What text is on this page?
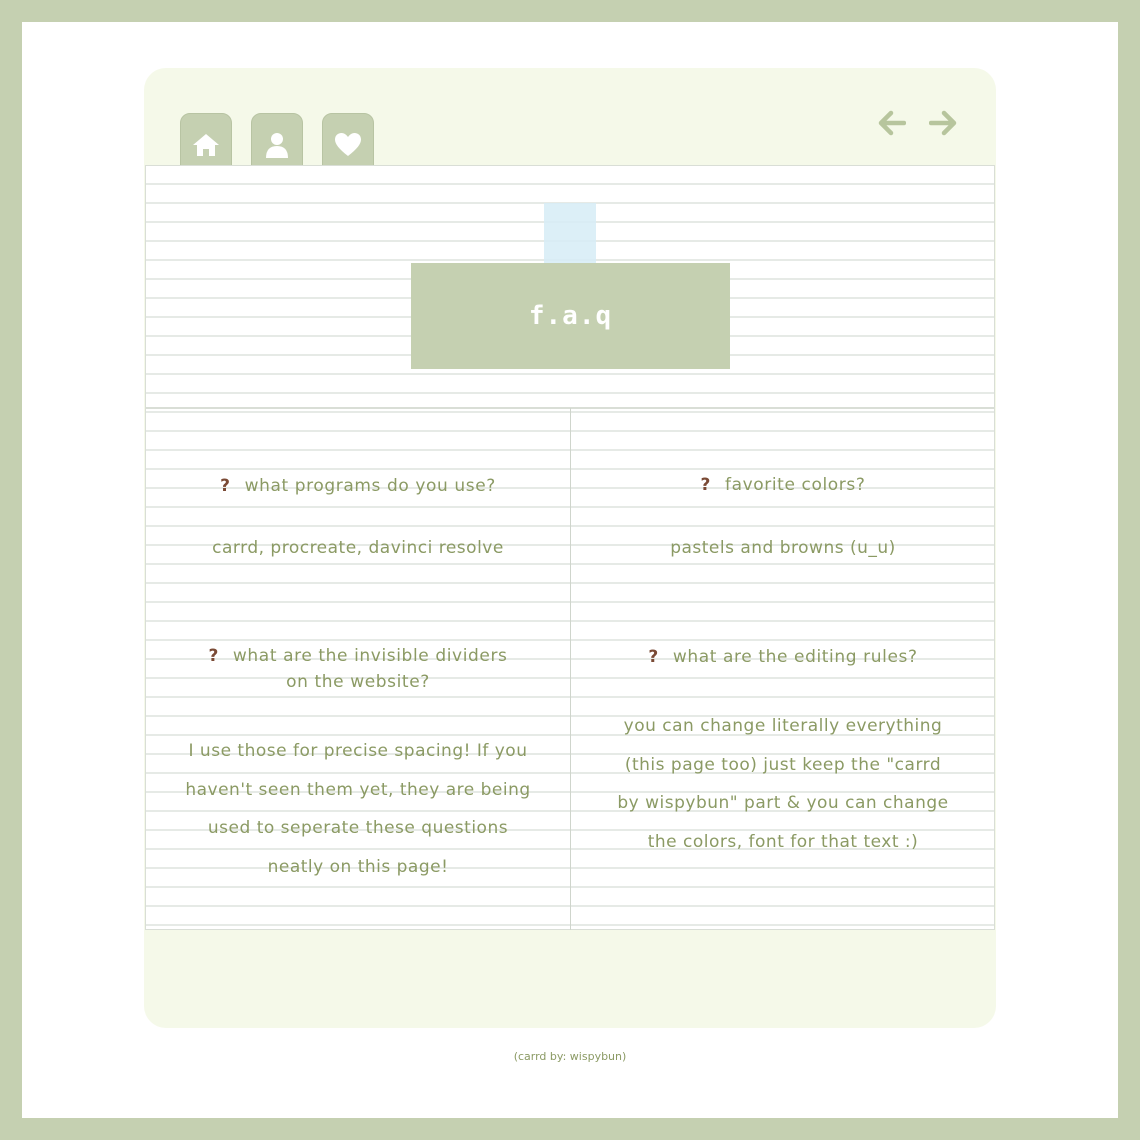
f.a.q
? what programs do you use?
carrd, procreate, davinci resolve
? favorite colors?
pastels and browns (u_u)
? what are the invisible dividers
on the website?
I use those for precise spacing! If you
haven't seen them yet, they are being
used to seperate these questions
neatly on this page!
? what are the editing rules?
you can change literally everything
(this page too) just keep the "carrd
by wispybun" part & you can change
the colors, font for that text :)
(carrd by: wispybun)
